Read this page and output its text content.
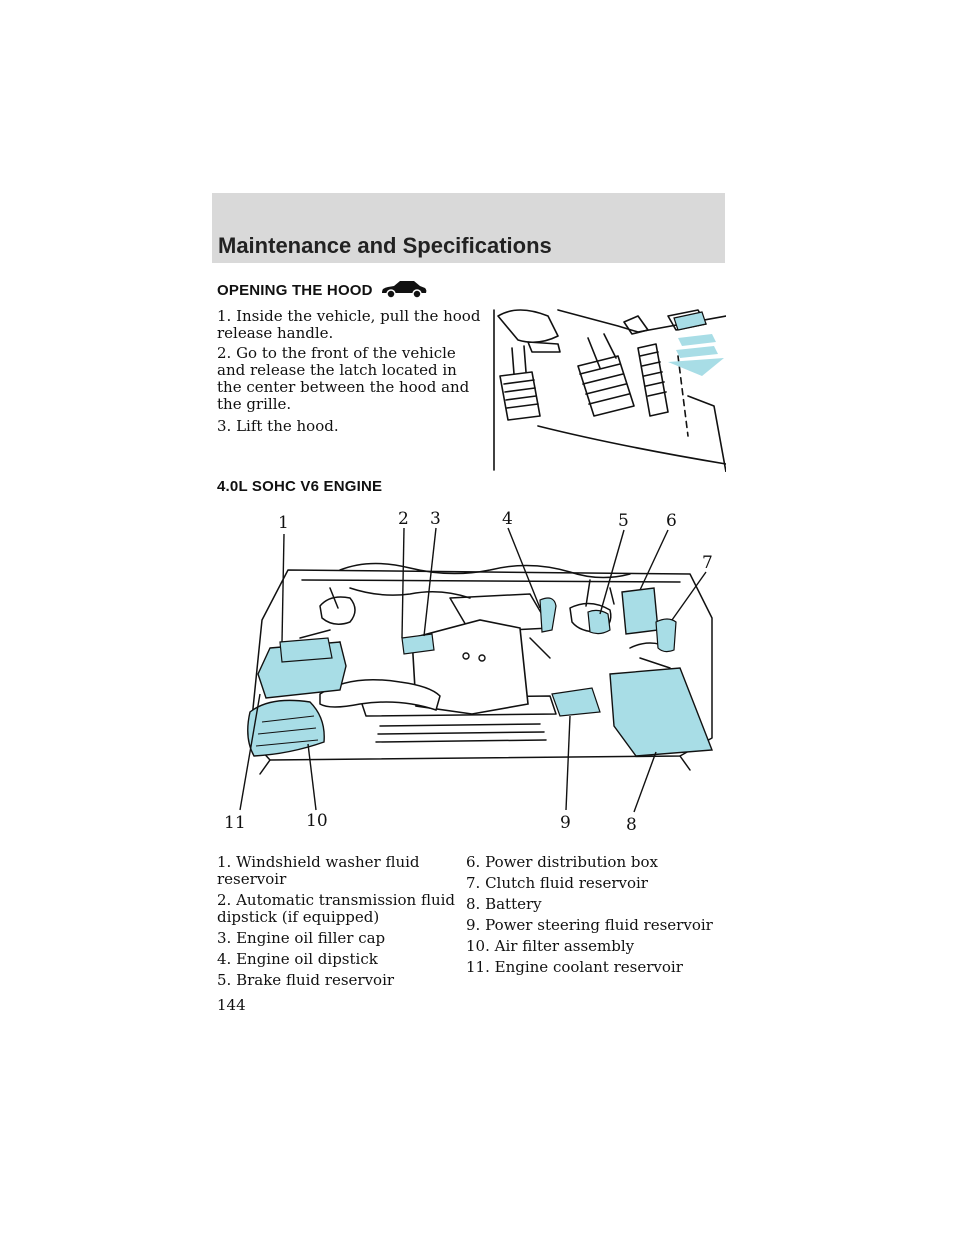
Maintenance and Specifications
OPENING THE HOOD
1. Inside the vehicle, pull the hood release handle.
2. Go to the front of the vehicle and release the latch located in the center between the hood and the grille.
3. Lift the hood.
4.0L SOHC V6 ENGINE
1	2 3	4	5 6
7
8
9
10
11
1. Windshield washer fluid reservoir
2. Automatic transmission fluid dipstick (if equipped)
3. Engine oil filler cap
4. Engine oil dipstick
5. Brake fluid reservoir
6. Power distribution box
7. Clutch fluid reservoir
8. Battery
9. Power steering fluid reservoir
10. Air filter assembly
11. Engine coolant reservoir
144
